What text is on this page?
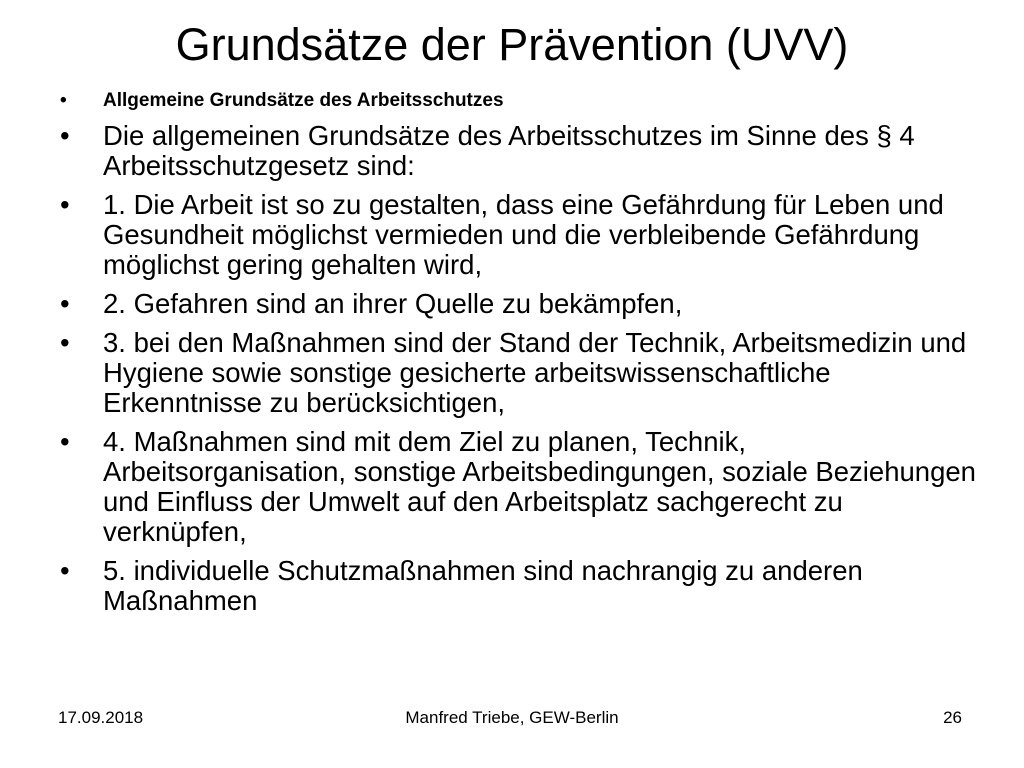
Grundsätze der Prävention (UVV)
• Allgemeine Grundsätze des Arbeitsschutzes
• Die allgemeinen Grundsätze des Arbeitsschutzes im Sinne des § 4 Arbeitsschutzgesetz sind:
• 1. Die Arbeit ist so zu gestalten, dass eine Gefährdung für Leben und Gesundheit möglichst vermieden und die verbleibende Gefährdung möglichst gering gehalten wird,
• 2. Gefahren sind an ihrer Quelle zu bekämpfen,
• 3. bei den Maßnahmen sind der Stand der Technik, Arbeitsmedizin und Hygiene sowie sonstige gesicherte arbeitswissenschaftliche Erkenntnisse zu berücksichtigen,
• 4. Maßnahmen sind mit dem Ziel zu planen, Technik, Arbeitsorganisation, sonstige Arbeitsbedingungen, soziale Beziehungen und Einfluss der Umwelt auf den Arbeitsplatz sachgerecht zu verknüpfen,
• 5. individuelle Schutzmaßnahmen sind nachrangig zu anderen Maßnahmen
17.09.2018	Manfred Triebe, GEW-Berlin	26
